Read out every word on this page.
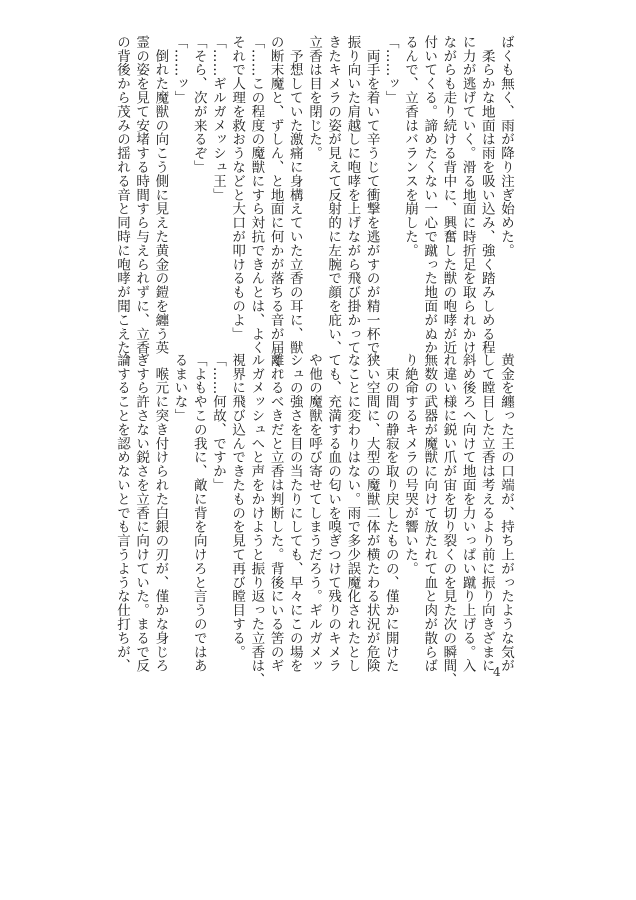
ばくも無く、雨が降り注ぎ始めた。
　柔らかな地面は雨を吸い込み、強く踏みしめる程
に力が逃げていく。滑る地面に時折足を取られかけ
ながらも走り続ける背中に、興奮した獣の咆哮が近
付いてくる。諦めたくない一心で蹴った地面がぬか
るんで、立香はバランスを崩した。
「……ッ」
　両手を着いて辛うじて衝撃を逃がすのが精一杯で、
振り向いた肩越しに咆哮を上げながら飛び掛かって
きたキメラの姿が見えて反射的に左腕で顔を庇い、
立香は目を閉じた。
　予想していた激痛に身構えていた立香の耳に、獣
の断末魔と、ずしん、と地面に何かが落ちる音が届く。
「……この程度の魔獣にすら対抗できんとは、よく
それで人理を救おうなどと大口が叩けるものよ」
「……ギルガメッシュ王」
「そら、次が来るぞ」
「……ッ」
　倒れた魔獣の向こう側に見えた黄金の鎧を纏う英
霊の姿を見て安堵する時間すら与えられずに、立香
の背後から茂みの揺れる音と同時に咆哮が聞こえた。
黄金を纏った王の口端が、持ち上がったような気が
して瞠目した立香は考えるより前に振り向きざまに
斜め後ろへ向けて地面を力いっぱい蹴り上げる。入
れ違い様に鋭い爪が宙を切り裂くのを見た次の瞬間、
無数の武器が魔獣に向けて放たれて血と肉が散らば
り絶命するキメラの号哭が響いた。
　束の間の静寂を取り戻したものの、僅かに開けた
狭い空間に、大型の魔獣二体が横たわる状況が危険
なことに変わりはない。雨で多少誤魔化されたとし
ても、充満する血の匂いを嗅ぎつけて残りのキメラ
や他の魔獣を呼び寄せてしまうだろう。ギルガメッ
シュの強さを目の当たりにしても、早々にこの場を
離れるべきだと立香は判断した。背後にいる筈のギ
ルガメッシュへと声をかけようと振り返った立香は、
視界に飛び込んできたものを見て再び瞠目する。
「……何故、ですか」
「よもやこの我に、敵に背を向けろと言うのではあ
るまいな」
　喉元に突き付けられた白銀の刃が、僅かな身じろ
ぎすら許さない鋭さを立香に向けていた。まるで反
論することを認めないとでも言うような仕打ちが、	4
